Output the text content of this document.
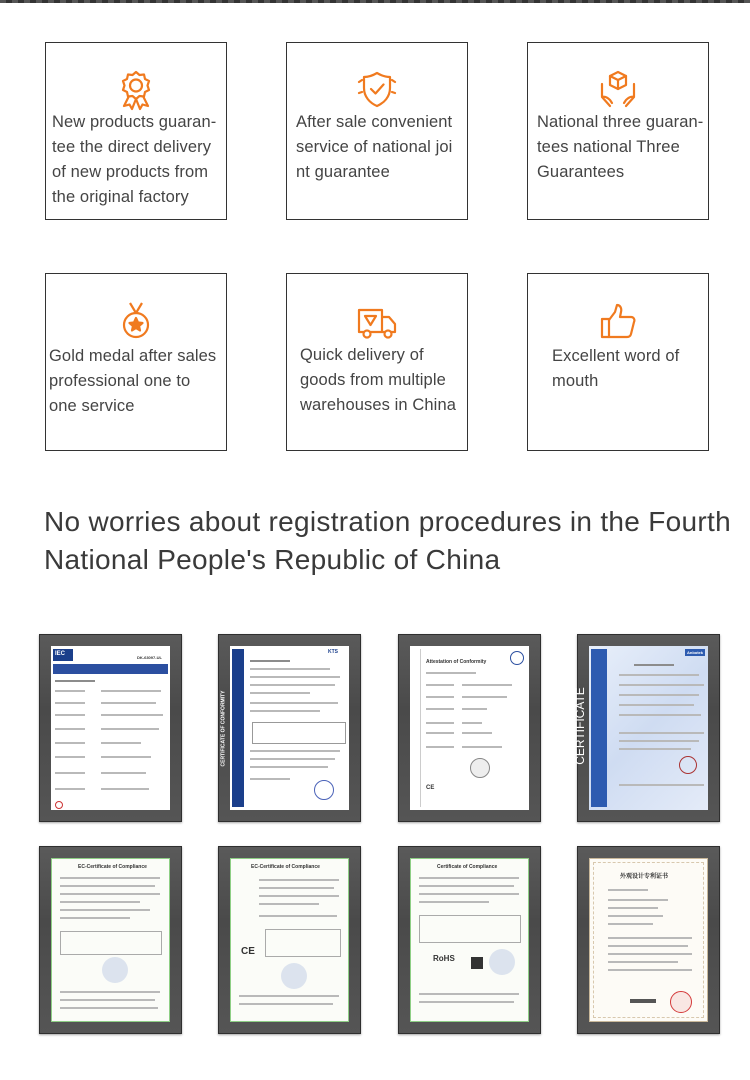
New products guaran-
tee the direct delivery
of new products from
the original factory
After sale convenient
service of national joi
nt guarantee
National three guaran-
tees national Three
Guarantees
Gold medal after sales
professional one to
one service
Quick delivery of
goods from multiple
warehouses in China
Excellent word of
mouth
No worries about registration procedures in the Fourth National People's Republic of China
IEC
DK-63097-UL
CERTIFICATE OF CONFORMITY
KTS
Attestation of Conformity
CE
CERTIFICATE
Anbotek
EC-Certificate of Compliance	EC-Certificate of Compliance
CE
Certificate of Compliance
RoHS
外观设计专利证书
